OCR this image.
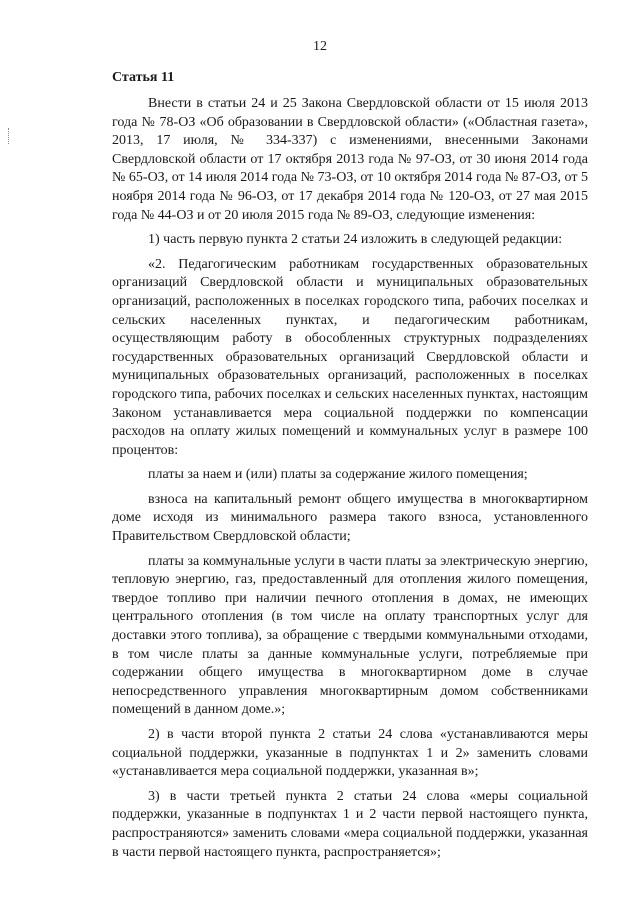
12
Статья 11

Внести в статьи 24 и 25 Закона Свердловской области от 15 июля 2013 года № 78-ОЗ «Об образовании в Свердловской области» («Областная газета», 2013, 17 июля, № 334-337) с изменениями, внесенными Законами Свердловской области от 17 октября 2013 года № 97-ОЗ, от 30 июня 2014 года № 65-ОЗ, от 14 июля 2014 года № 73-ОЗ, от 10 октября 2014 года № 87-ОЗ, от 5 ноября 2014 года № 96-ОЗ, от 17 декабря 2014 года № 120-ОЗ, от 27 мая 2015 года № 44-ОЗ и от 20 июля 2015 года № 89-ОЗ, следующие изменения:

1) часть первую пункта 2 статьи 24 изложить в следующей редакции:

«2. Педагогическим работникам государственных образовательных организаций Свердловской области и муниципальных образовательных организаций, расположенных в поселках городского типа, рабочих поселках и сельских населенных пунктах, и педагогическим работникам, осуществляющим работу в обособленных структурных подразделениях государственных образовательных организаций Свердловской области и муниципальных образовательных организаций, расположенных в поселках городского типа, рабочих поселках и сельских населенных пунктах, настоящим Законом устанавливается мера социальной поддержки по компенсации расходов на оплату жилых помещений и коммунальных услуг в размере 100 процентов:

платы за наем и (или) платы за содержание жилого помещения;

взноса на капитальный ремонт общего имущества в многоквартирном доме исходя из минимального размера такого взноса, установленного Правительством Свердловской области;

платы за коммунальные услуги в части платы за электрическую энергию, тепловую энергию, газ, предоставленный для отопления жилого помещения, твердое топливо при наличии печного отопления в домах, не имеющих центрального отопления (в том числе на оплату транспортных услуг для доставки этого топлива), за обращение с твердыми коммунальными отходами, в том числе платы за данные коммунальные услуги, потребляемые при содержании общего имущества в многоквартирном доме в случае непосредственного управления многоквартирным домом собственниками помещений в данном доме.»;

2) в части второй пункта 2 статьи 24 слова «устанавливаются меры социальной поддержки, указанные в подпунктах 1 и 2» заменить словами «устанавливается мера социальной поддержки, указанная в»;

3) в части третьей пункта 2 статьи 24 слова «меры социальной поддержки, указанные в подпунктах 1 и 2 части первой настоящего пункта, распространяются» заменить словами «мера социальной поддержки, указанная в части первой настоящего пункта, распространяется»;
